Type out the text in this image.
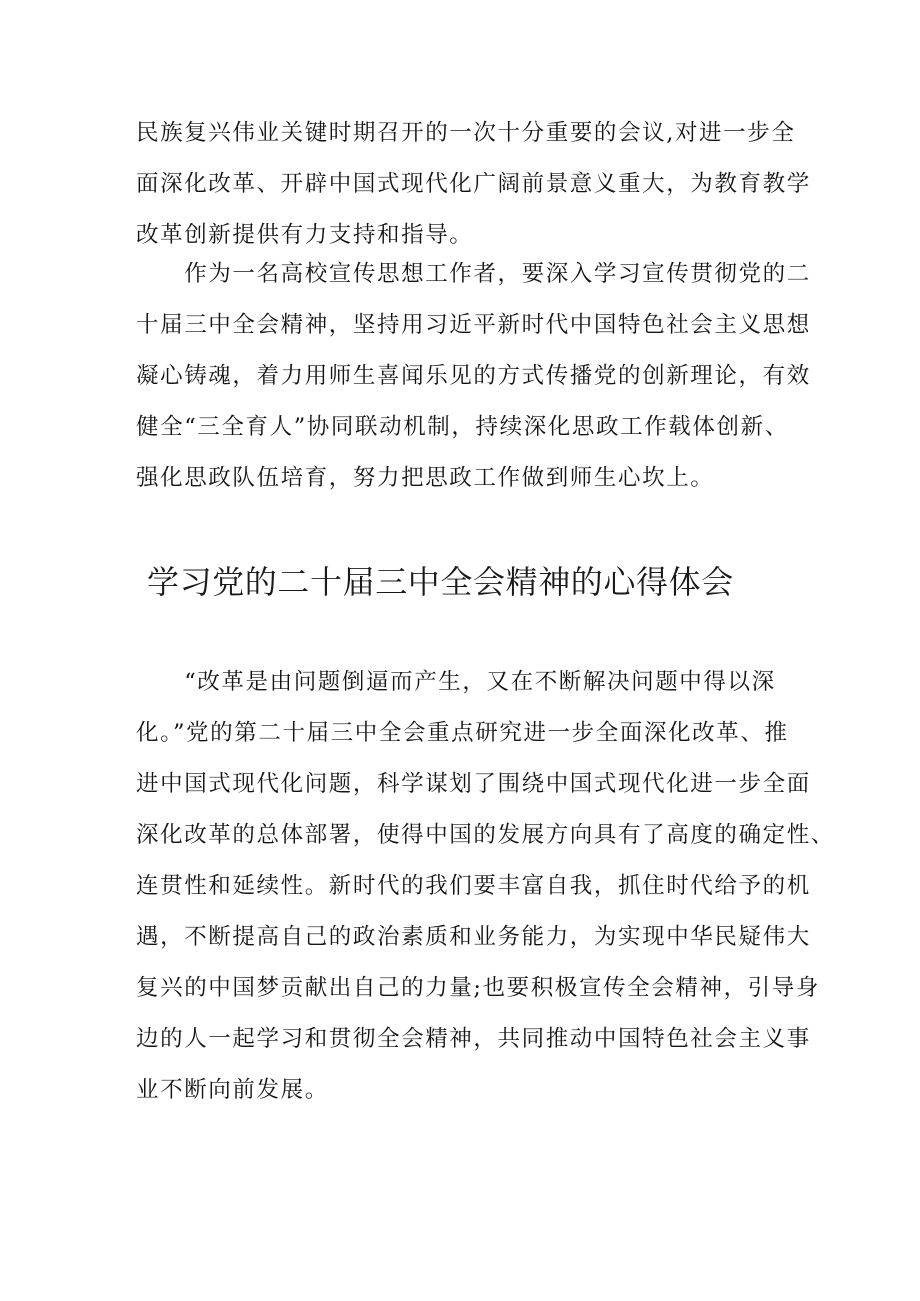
民族复兴伟业关键时期召开的一次十分重要的会议,对进一步全
面深化改革、开辟中国式现代化广阔前景意义重大，为教育教学
改革创新提供有力支持和指导。

　　作为一名高校宣传思想工作者，要深入学习宣传贯彻党的二
十届三中全会精神，坚持用习近平新时代中国特色社会主义思想
凝心铸魂，着力用师生喜闻乐见的方式传播党的创新理论，有效
健全“三全育人”协同联动机制，持续深化思政工作载体创新、
强化思政队伍培育，努力把思政工作做到师生心坎上。

学习党的二十届三中全会精神的心得体会

　　“改革是由问题倒逼而产生，又在不断解决问题中得以深
化。”党的第二十届三中全会重点研究进一步全面深化改革、推
进中国式现代化问题，科学谋划了围绕中国式现代化进一步全面
深化改革的总体部署，使得中国的发展方向具有了高度的确定性、
连贯性和延续性。新时代的我们要丰富自我，抓住时代给予的机
遇，不断提高自己的政治素质和业务能力，为实现中华民疑伟大
复兴的中国梦贡献出自己的力量;也要积极宣传全会精神，引导身
边的人一起学习和贯彻全会精神，共同推动中国特色社会主义事
业不断向前发展。
